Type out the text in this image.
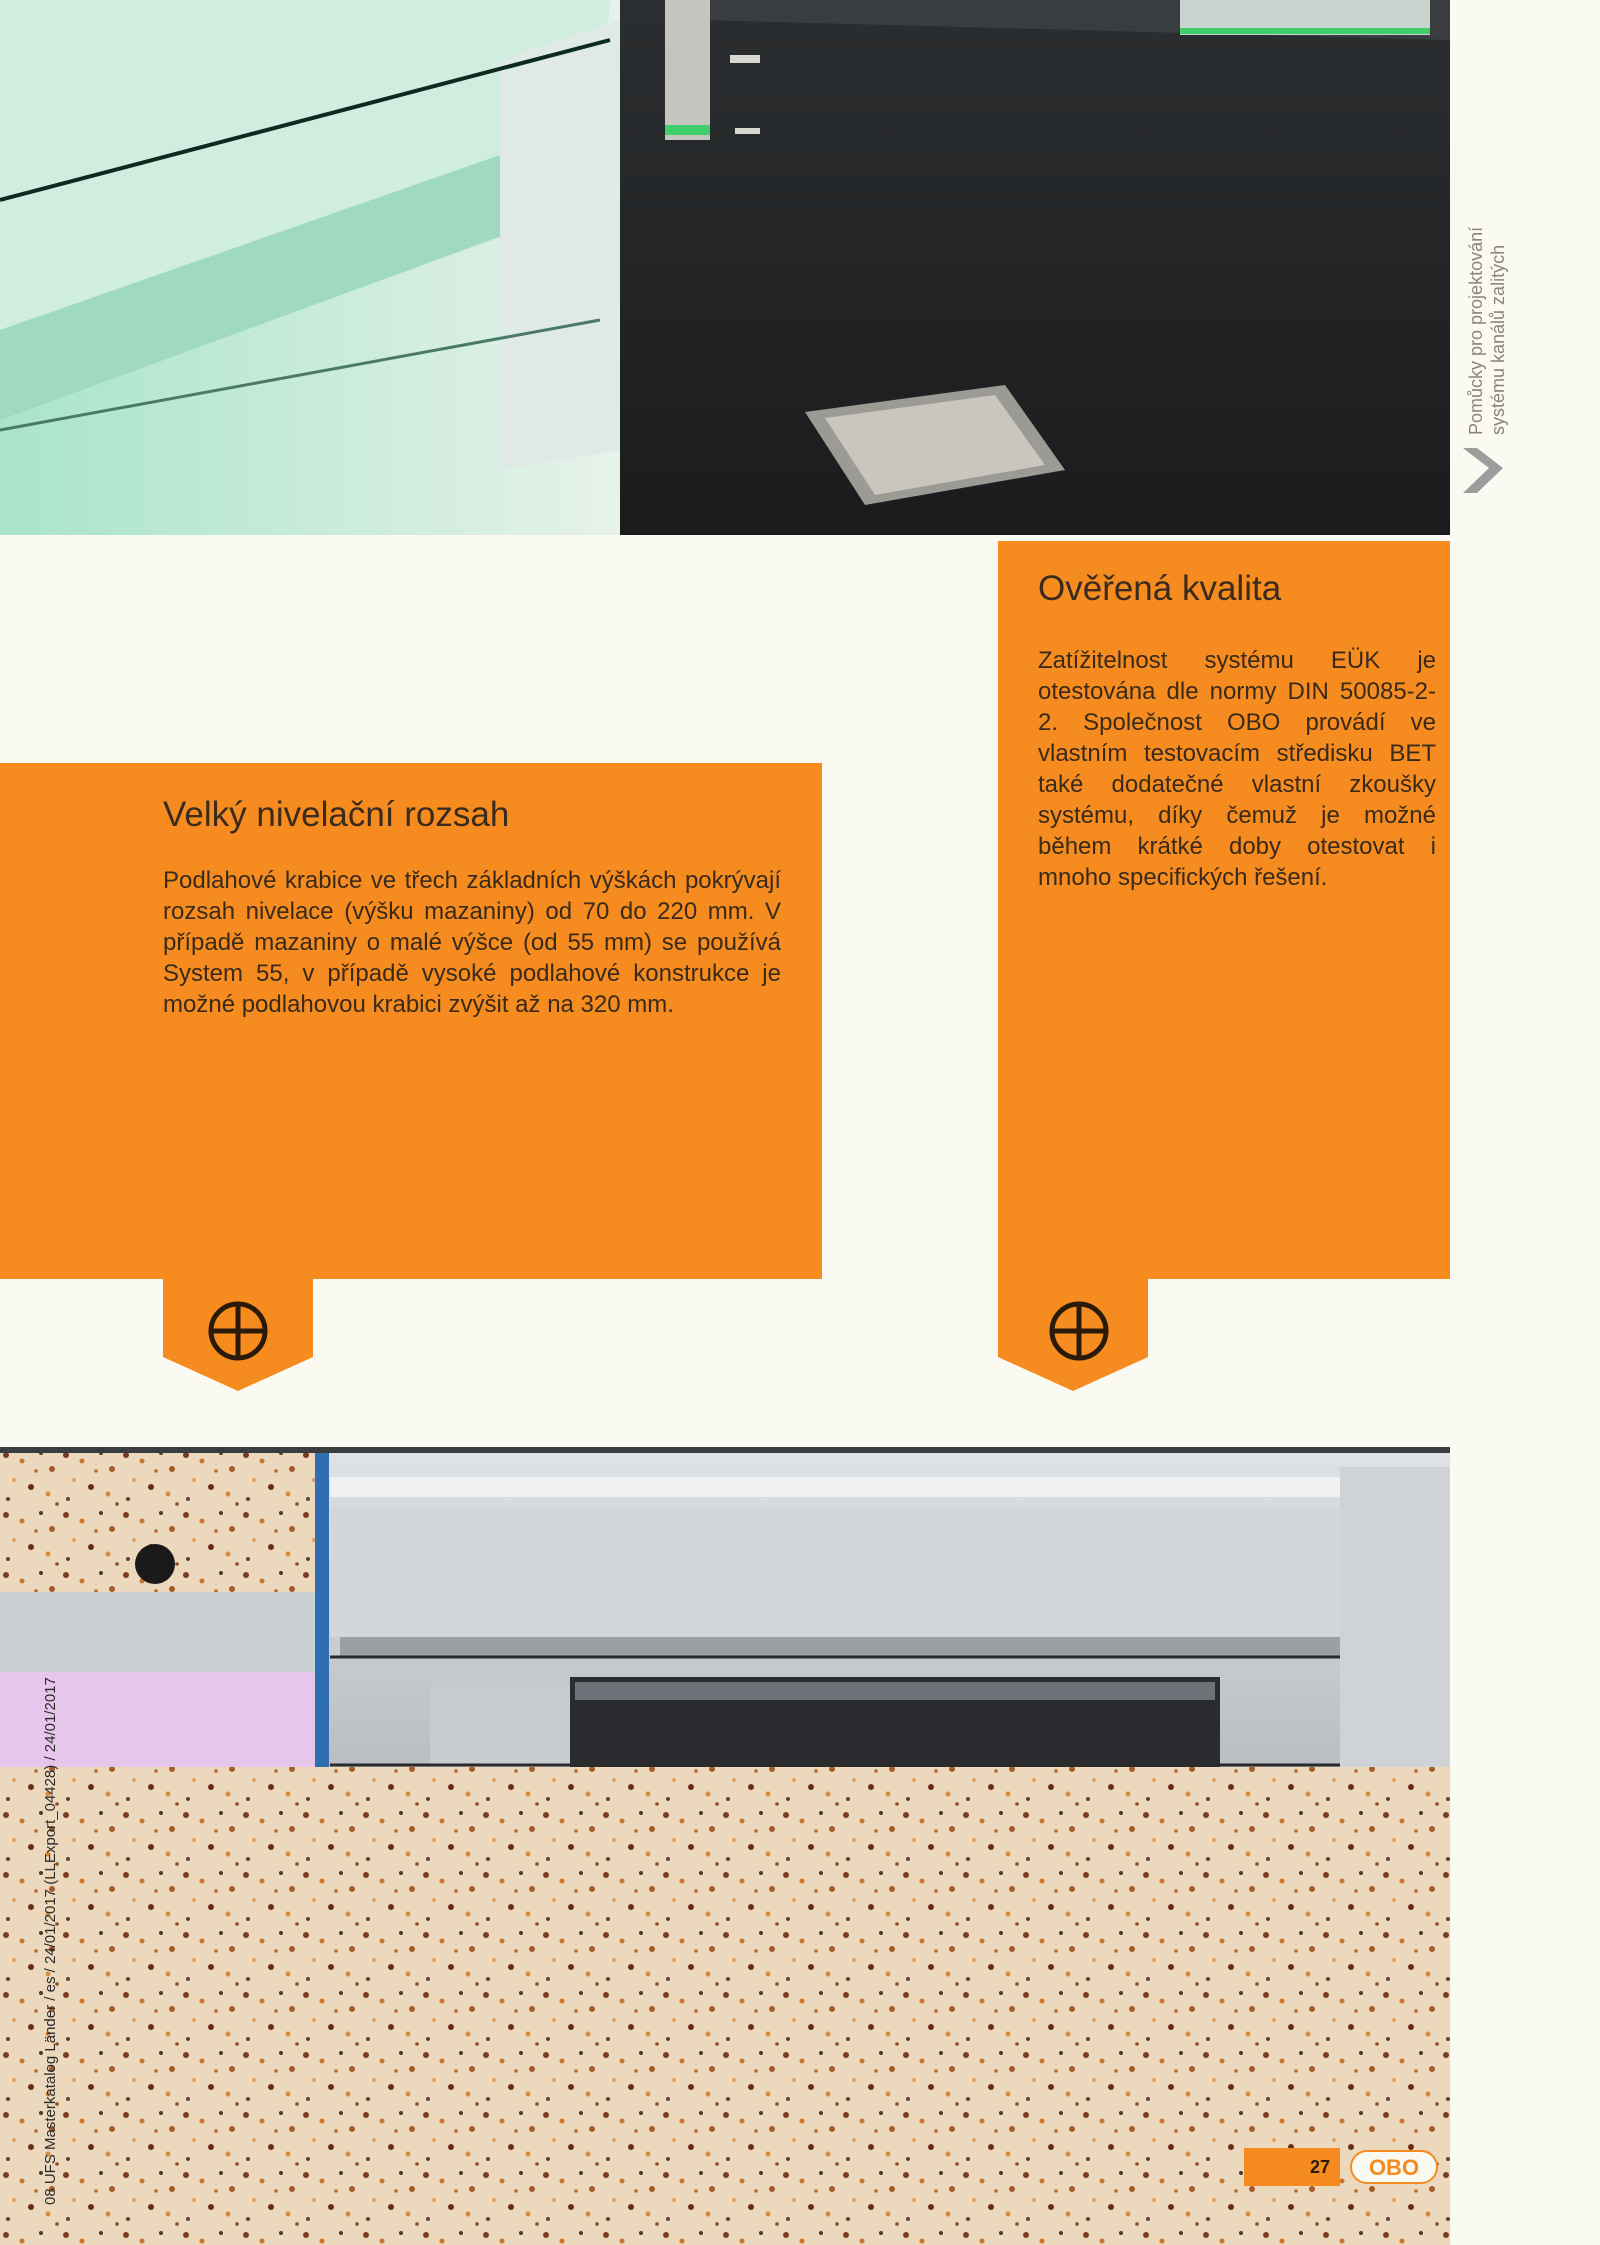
Pomůcky pro projektování systému kanálů zalitých
Ověřená kvalita

Zatížitelnost systému EÜK je otestována dle normy DIN 50085-2-2. Společnost OBO provádí ve vlastním testovacím středisku BET také dodatečné vlastní zkoušky systému, díky čemuž je možné během krátké doby otestovat i mnoho specifických řešení.

Velký nivelační rozsah

Podlahové krabice ve třech základních výškách pokrývají rozsah nivelace (výšku mazaniny) od 70 do 220 mm. V případě mazaniny o malé výšce (od 55 mm) se používá System 55, v případě vysoké podlahové konstrukce je možné podlahovou krabici zvýšit až na 320 mm.

08 UFS Masterkatalog Länder / es / 24/01/2017 (LLExport_04428) / 24/01/2017	27	OBO
